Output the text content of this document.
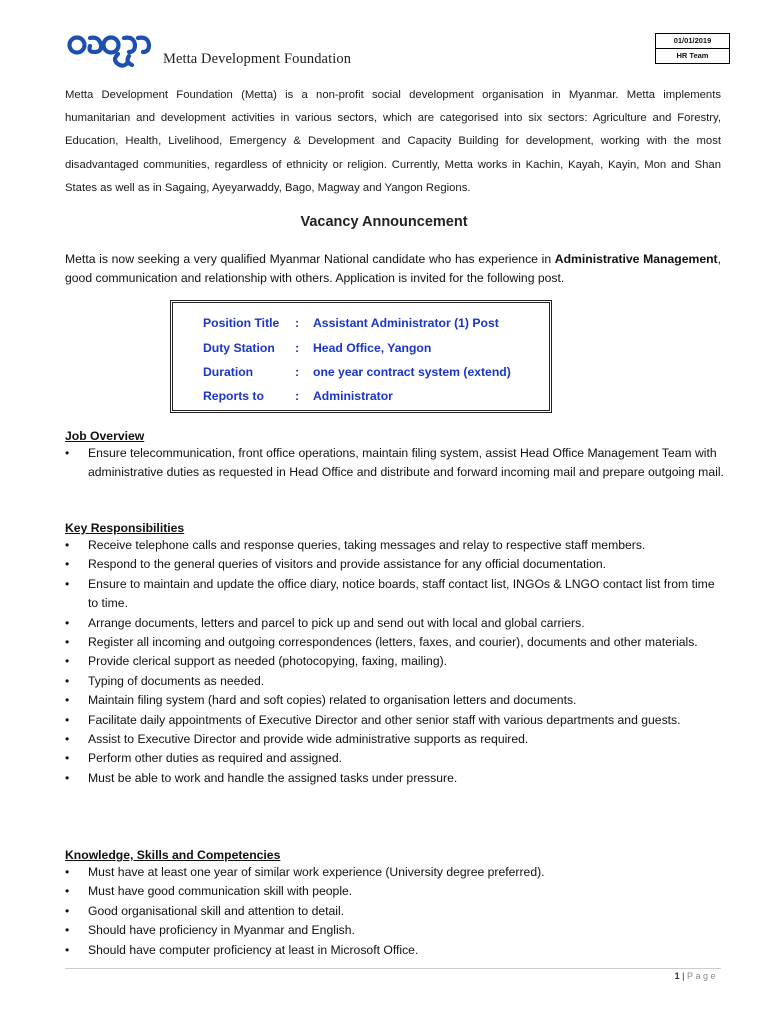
Metta Development Foundation
01/01/2019
HR Team

Metta Development Foundation (Metta) is a non-profit social development organisation in Myanmar. Metta implements humanitarian and development activities in various sectors, which are categorised into six sectors: Agriculture and Forestry, Education, Health, Livelihood, Emergency & Development and Capacity Building for development, working with the most disadvantaged communities, regardless of ethnicity or religion. Currently, Metta works in Kachin, Kayah, Kayin, Mon and Shan States as well as in Sagaing, Ayeyarwaddy, Bago, Magway and Yangon Regions.

Vacancy Announcement

Metta is now seeking a very qualified Myanmar National candidate who has experience in Administrative Management, good communication and relationship with others. Application is invited for the following post.

Position Title : Assistant Administrator (1) Post
Duty Station : Head Office, Yangon
Duration	: one year contract system (extend)
Reports to	: Administrator
Job Overview
• Ensure telecommunication, front office operations, maintain filing system, assist Head Office Management Team with administrative duties as requested in Head Office and distribute and forward incoming mail and prepare outgoing mail.
Key Responsibilities
• Receive telephone calls and response queries, taking messages and relay to respective staff members.
• Respond to the general queries of visitors and provide assistance for any official documentation.
• Ensure to maintain and update the office diary, notice boards, staff contact list, INGOs & LNGO contact list from time to time.
• Arrange documents, letters and parcel to pick up and send out with local and global carriers.
• Register all incoming and outgoing correspondences (letters, faxes, and courier), documents and other materials.
• Provide clerical support as needed (photocopying, faxing, mailing).
• Typing of documents as needed.
• Maintain filing system (hard and soft copies) related to organisation letters and documents.
• Facilitate daily appointments of Executive Director and other senior staff with various departments and guests.
• Assist to Executive Director and provide wide administrative supports as required.
• Perform other duties as required and assigned.
• Must be able to work and handle the assigned tasks under pressure.
Knowledge, Skills and Competencies
• Must have at least one year of similar work experience (University degree preferred).
• Must have good communication skill with people.
• Good organisational skill and attention to detail.
• Should have proficiency in Myanmar and English.
• Should have computer proficiency at least in Microsoft Office.
1 | Page
